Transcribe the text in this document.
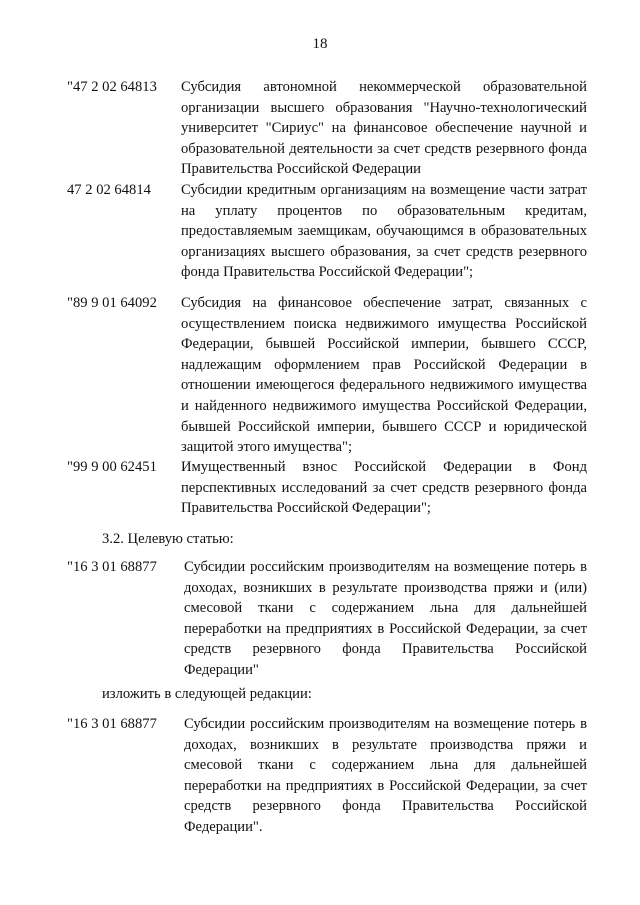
18
"47 2 02 64813 Субсидия автономной некоммерческой образовательной организации высшего образования "Научно-технологический университет "Сириус" на финансовое обеспечение научной и образовательной деятельности за счет средств резервного фонда Правительства Российской Федерации
47 2 02 64814 Субсидии кредитным организациям на возмещение части затрат на уплату процентов по образовательным кредитам, предоставляемым заемщикам, обучающимся в образовательных организациях высшего образования, за счет средств резервного фонда Правительства Российской Федерации";
"89 9 01 64092 Субсидия на финансовое обеспечение затрат, связанных с осуществлением поиска недвижимого имущества Российской Федерации, бывшей Российской империи, бывшего СССР, надлежащим оформлением прав Российской Федерации в отношении имеющегося федерального недвижимого имущества и найденного недвижимого имущества Российской Федерации, бывшей Российской империи, бывшего СССР и юридической защитой этого имущества";
"99 9 00 62451 Имущественный взнос Российской Федерации в Фонд перспективных исследований за счет средств резервного фонда Правительства Российской Федерации";
3.2. Целевую статью:
"16 3 01 68877 Субсидии российским производителям на возмещение потерь в доходах, возникших в результате производства пряжи и (или) смесовой ткани с содержанием льна для дальнейшей переработки на предприятиях в Российской Федерации, за счет средств резервного фонда Правительства Российской Федерации"
изложить в следующей редакции:
"16 3 01 68877 Субсидии российским производителям на возмещение потерь в доходах, возникших в результате производства пряжи и смесовой ткани с содержанием льна для дальнейшей переработки на предприятиях в Российской Федерации, за счет средств резервного фонда Правительства Российской Федерации".
